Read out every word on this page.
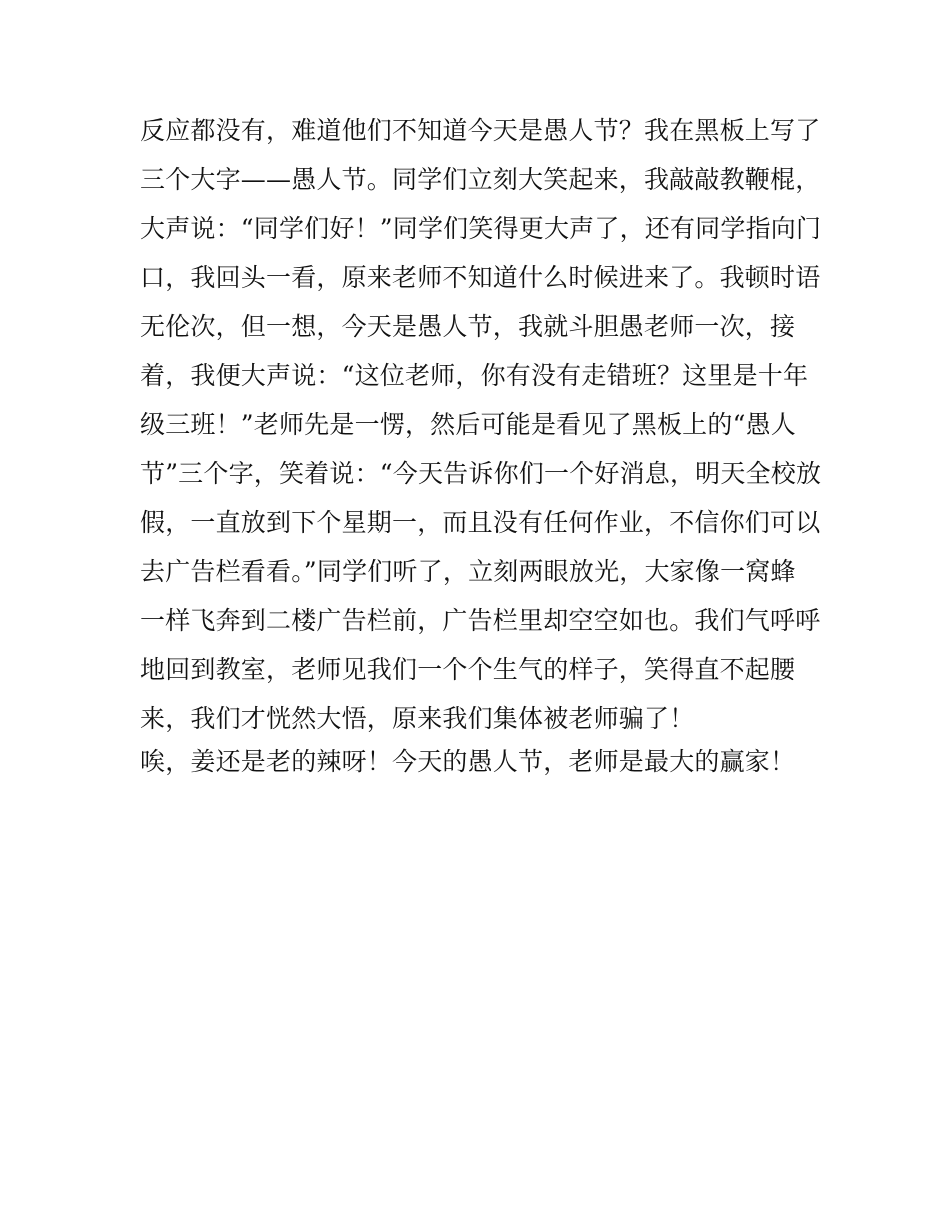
反应都没有，难道他们不知道今天是愚人节？我在黑板上写了
三个大字——愚人节。同学们立刻大笑起来，我敲敲教鞭棍，
大声说：“同学们好！”同学们笑得更大声了，还有同学指向门
口，我回头一看，原来老师不知道什么时候进来了。我顿时语
无伦次，但一想，今天是愚人节，我就斗胆愚老师一次，接
着，我便大声说：“这位老师，你有没有走错班？这里是十年
级三班！”老师先是一愣，然后可能是看见了黑板上的“愚人
节”三个字，笑着说：“今天告诉你们一个好消息，明天全校放
假，一直放到下个星期一，而且没有任何作业，不信你们可以
去广告栏看看。”同学们听了，立刻两眼放光，大家像一窝蜂
一样飞奔到二楼广告栏前，广告栏里却空空如也。我们气呼呼
地回到教室，老师见我们一个个生气的样子，笑得直不起腰
来，我们才恍然大悟，原来我们集体被老师骗了！
唉，姜还是老的辣呀！今天的愚人节，老师是最大的赢家！
